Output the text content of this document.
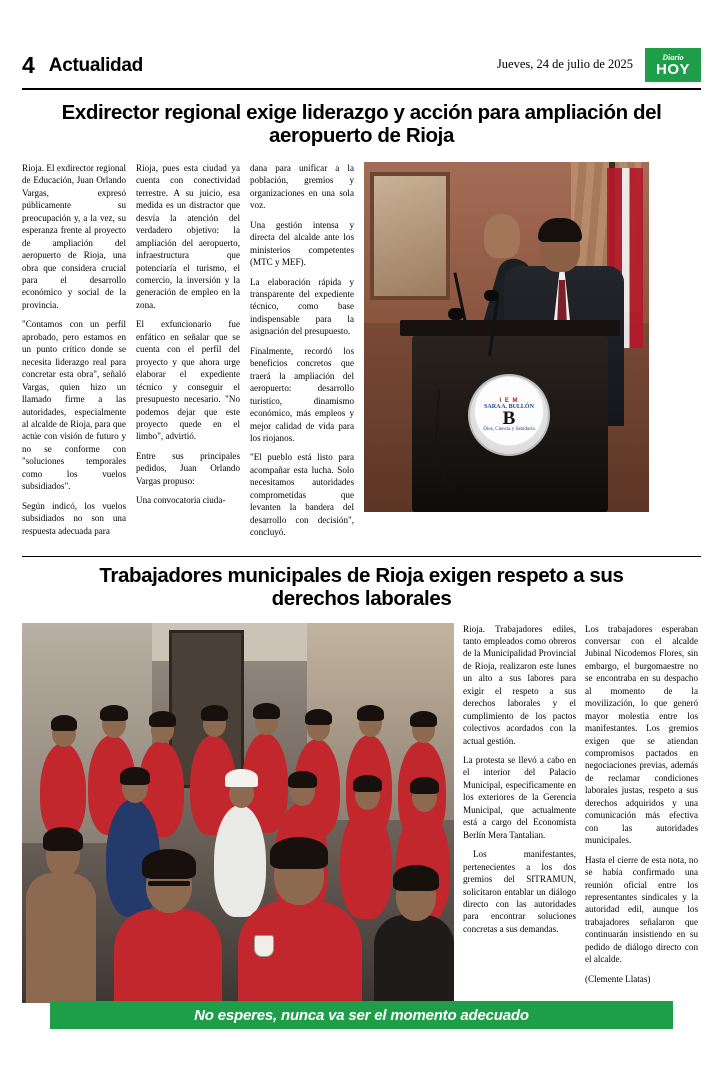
4 Actualidad	Jueves, 24 de julio de 2025	Diario
HOY
Exdirector regional exige liderazgo y acción para ampliación del aeropuerto de Rioja

Rioja. El exdirector regional de Educación, Juan Orlando Vargas, expresó públicamente su preocupación y, a la vez, su esperanza frente al proyecto de ampliación del aeropuerto de Rioja, una obra que considera crucial para el desarrollo económico y social de la provincia.

"Contamos con un perfil aprobado, pero estamos en un punto crítico donde se necesita liderazgo real para concretar esta obra", señaló Vargas, quien hizo un llamado firme a las autoridades, especialmente al alcalde de Rioja, para que actúe con visión de futuro y no se conforme con "soluciones temporales como los vuelos subsidiados".

Según indicó, los vuelos subsidiados no son una respuesta adecuada para

Rioja, pues esta ciudad ya cuenta con conectividad terrestre. A su juicio, esa medida es un distractor que desvía la atención del verdadero objetivo: la ampliación del aeropuerto, infraestructura que potenciaría el turismo, el comercio, la inversión y la generación de empleo en la zona.

El exfuncionario fue enfático en señalar que se cuenta con el perfil del proyecto y que ahora urge elaborar el expediente técnico y conseguir el presupuesto necesario. "No podemos dejar que este proyecto quede en el limbo", advirtió.

Entre sus principales pedidos, Juan Orlando Vargas propuso:

Una convocatoria ciuda-

dana para unificar a la población, gremios y organizaciones en una sola voz.

Una gestión intensa y directa del alcalde ante los ministerios competentes (MTC y MEF).

La elaboración rápida y transparente del expediente técnico, como base indispensable para la asignación del presupuesto.

Finalmente, recordó los beneficios concretos que traerá la ampliación del aeropuerto: desarrollo turístico, dinamismo económico, más empleos y mejor calidad de vida para los riojanos.

"El pueblo está listo para acompañar esta lucha. Solo necesitamos autoridades comprometidas que levanten la bandera del desarrollo con decisión", concluyó.

I E M
SARA A. BULLÓN
B
Dios, Ciencia y Sabiduría
Trabajadores municipales de Rioja exigen respeto a sus derechos laborales

Rioja. Trabajadores ediles, tanto empleados como obreros de la Municipalidad Provincial de Rioja, realizaron este lunes un alto a sus labores para exigir el respeto a sus derechos laborales y el cumplimiento de los pactos colectivos acordados con la actual gestión.

La protesta se llevó a cabo en el interior del Palacio Municipal, específicamente en los exteriores de la Gerencia Municipal, que actualmente está a cargo del Economista Berlín Mera Tantalian.

Los manifestantes, pertenecientes a los dos gremios del SITRAMUN, solicitaron entablar un diálogo directo con las autoridades para encontrar soluciones concretas a sus demandas.

Los trabajadores esperaban conversar con el alcalde Jubinal Nicodemos Flores, sin embargo, el burgomaestre no se encontraba en su despacho al momento de la movilización, lo que generó mayor molestia entre los manifestantes. Los gremios exigen que se atiendan compromisos pactados en negociaciones previas, además de reclamar condiciones laborales justas, respeto a sus derechos adquiridos y una comunicación más efectiva con las autoridades municipales.

Hasta el cierre de esta nota, no se había confirmado una reunión oficial entre los representantes sindicales y la autoridad edil, aunque los trabajadores señalaron que continuarán insistiendo en su pedido de diálogo directo con el alcalde.

(Clemente Llatas)

No esperes, nunca va ser el momento adecuado
